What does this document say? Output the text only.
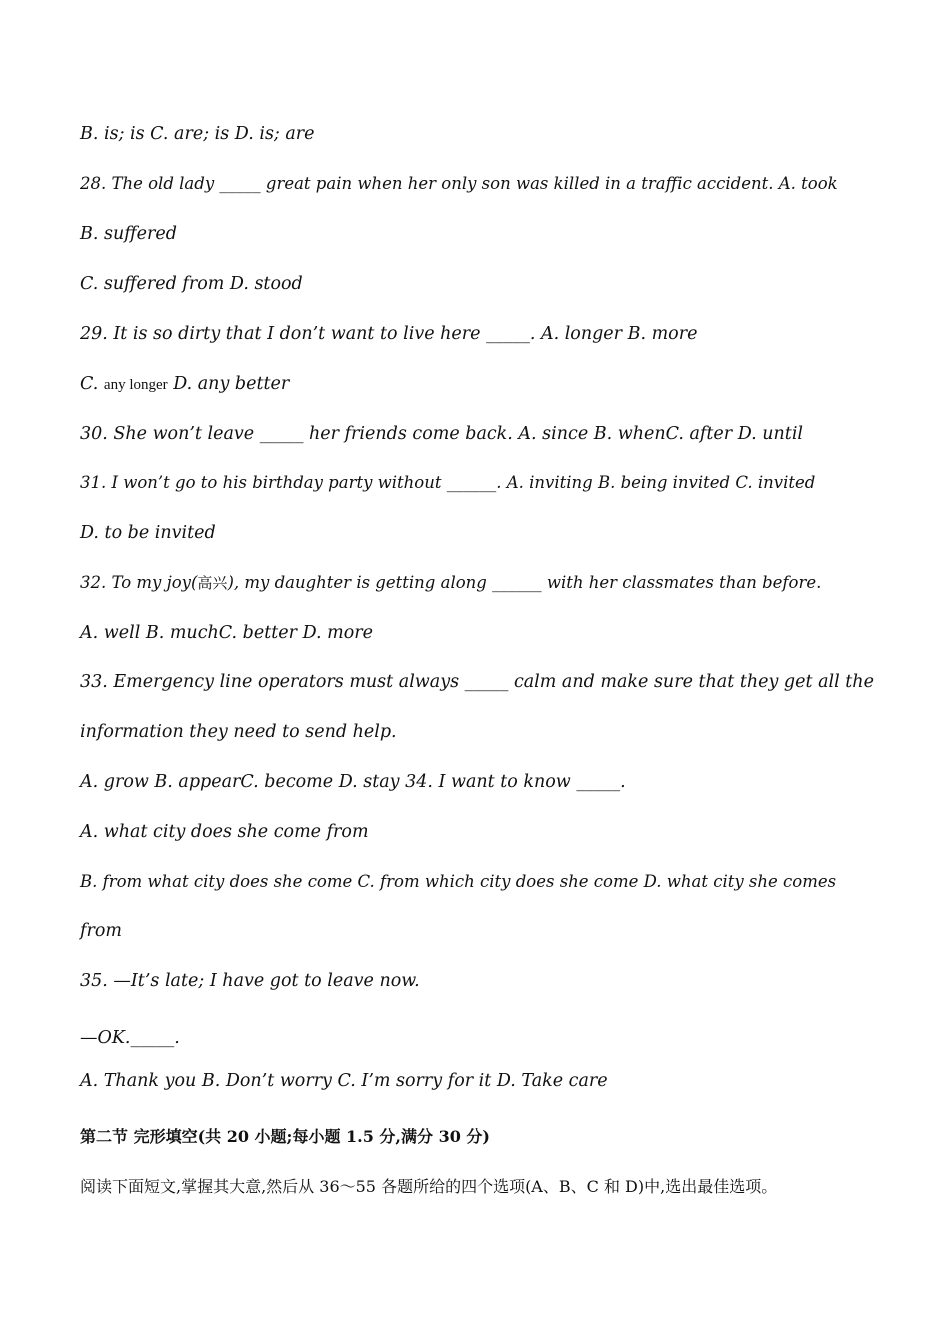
B. is; is C. are; is D. is; are
28. The old lady _____ great pain when her only son was killed in a traffic accident. A. took
B. suffered
C. suffered from D. stood
29. It is so dirty that I don’t want to live here _____. A. longer B. more
C. any longer D. any better
30. She won’t leave _____ her friends come back. A. since B. whenC. after D. until
31. I won’t go to his birthday party without ______. A. inviting B. being invited C. invited
D. to be invited
32. To my joy(高兴), my daughter is getting along ______ with her classmates than before.
A. well B. muchC. better D. more
33. Emergency line operators must always _____ calm and make sure that they get all the
information they need to send help.
A. grow B. appearC. become D. stay 34. I want to know _____.
A. what city does she come from
B. from what city does she come C. from which city does she come D. what city she comes
from
35. —It’s late; I have got to leave now.
—OK._____.
A. Thank you B. Don’t worry C. I’m sorry for it D. Take care
第二节 完形填空(共 20 小题;每小题 1.5 分,满分 30 分)
阅读下面短文,掌握其大意,然后从 36～55 各题所给的四个选项(A、B、C 和 D)中,选出最佳选项。
